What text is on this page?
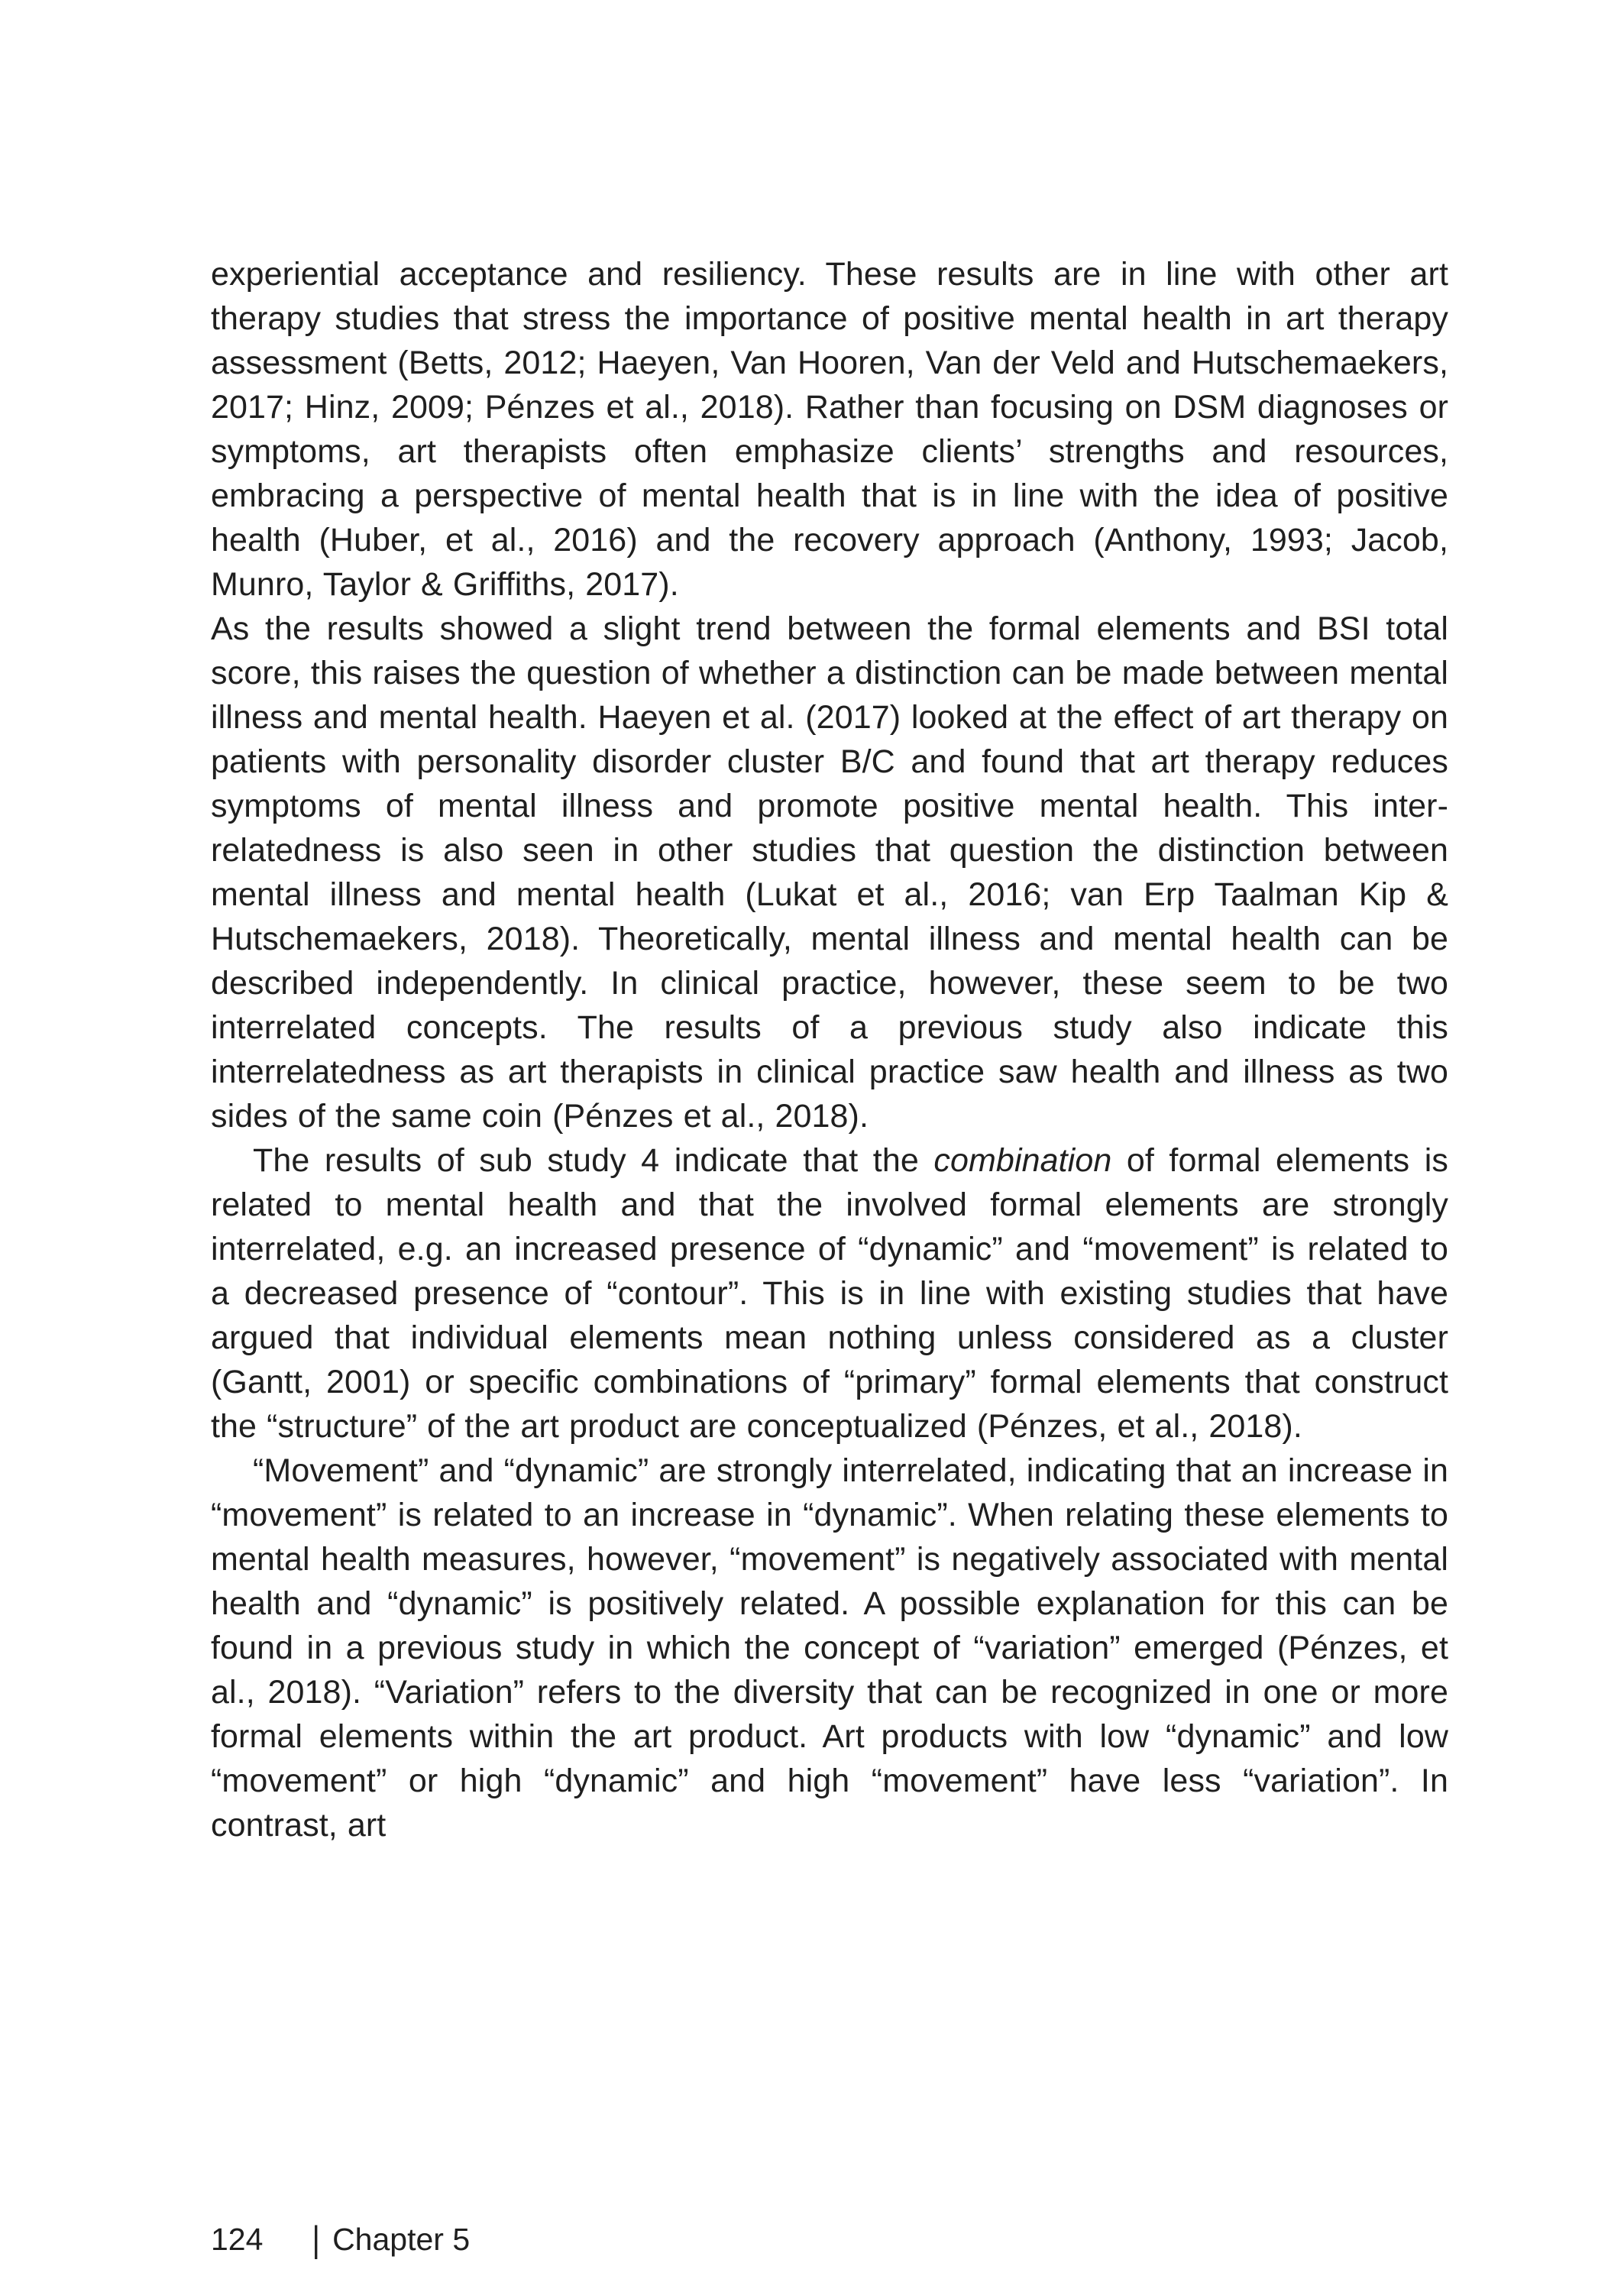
experiential acceptance and resiliency. These results are in line with other art therapy studies that stress the importance of positive mental health in art therapy assessment (Betts, 2012; Haeyen, Van Hooren, Van der Veld and Hutschemaekers, 2017; Hinz, 2009; Pénzes et al., 2018). Rather than focusing on DSM diagnoses or symptoms, art therapists often emphasize clients’ strengths and resources, embracing a perspective of mental health that is in line with the idea of positive health (Huber, et al., 2016) and the recovery approach (Anthony, 1993; Jacob, Munro, Taylor & Griffiths, 2017).

As the results showed a slight trend between the formal elements and BSI total score, this raises the question of whether a distinction can be made between mental illness and mental health. Haeyen et al. (2017) looked at the effect of art therapy on patients with personality disorder cluster B/C and found that art therapy reduces symptoms of mental illness and promote positive mental health. This inter-relatedness is also seen in other studies that question the distinction between mental illness and mental health (Lukat et al., 2016; van Erp Taalman Kip & Hutschemaekers, 2018). Theoretically, mental illness and mental health can be described independently. In clinical practice, however, these seem to be two interrelated concepts. The results of a previous study also indicate this interrelatedness as art therapists in clinical practice saw health and illness as two sides of the same coin (Pénzes et al., 2018).

The results of sub study 4 indicate that the combination of formal elements is related to mental health and that the involved formal elements are strongly interrelated, e.g. an increased presence of “dynamic” and “movement” is related to a decreased presence of “contour”. This is in line with existing studies that have argued that individual elements mean nothing unless considered as a cluster (Gantt, 2001) or specific combinations of “primary” formal elements that construct the “structure” of the art product are conceptualized (Pénzes, et al., 2018).

“Movement” and “dynamic” are strongly interrelated, indicating that an increase in “movement” is related to an increase in “dynamic”. When relating these elements to mental health measures, however, “movement” is negatively associated with mental health and “dynamic” is positively related. A possible explanation for this can be found in a previous study in which the concept of “variation” emerged (Pénzes, et al., 2018). “Variation” refers to the diversity that can be recognized in one or more formal elements within the art product. Art products with low “dynamic” and low “movement” or high “dynamic” and high “movement” have less “variation”. In contrast, art

124 | Chapter 5
